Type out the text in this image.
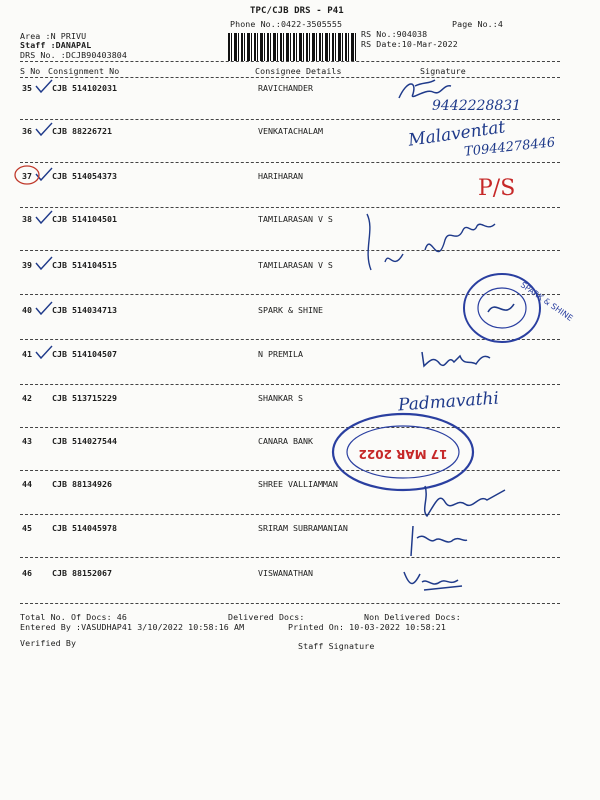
TPC/CJB DRS - P41
Phone No.:0422-3505555	Page No.:4
Area :N PRIVU
Staff :DANAPAL
DRS No. :DCJB90403804
RS No.:904038
RS Date:10-Mar-2022
S No Consignment No	Consignee Details	Signature
35 CJB 514102031	RAVICHANDER
36 CJB 88226721	VENKATACHALAM
37 CJB 514054373	HARIHARAN
38 CJB 514104501	TAMILARASAN V S
39 CJB 514104515	TAMILARASAN V S
40 CJB 514034713	SPARK & SHINE
41 CJB 514104507	N PREMILA
42 CJB 513715229	SHANKAR S
43 CJB 514027544	CANARA BANK
44 CJB 88134926	SHREE VALLIAMMAN
45 CJB 514045978	SRIRAM SUBRAMANIAN
46 CJB 88152067	VISWANATHAN
9442228831
Malaventat
T0944278446
P/S
SPARK & SHINE
Padmavathi
17 MAR 2022
Total No. Of Docs: 46	Delivered Docs:	Non Delivered Docs:
Entered By :VASUDHAP41 3/10/2022 10:58:16 AM	Printed On: 10-03-2022 10:58:21
Verified By	Staff Signature
